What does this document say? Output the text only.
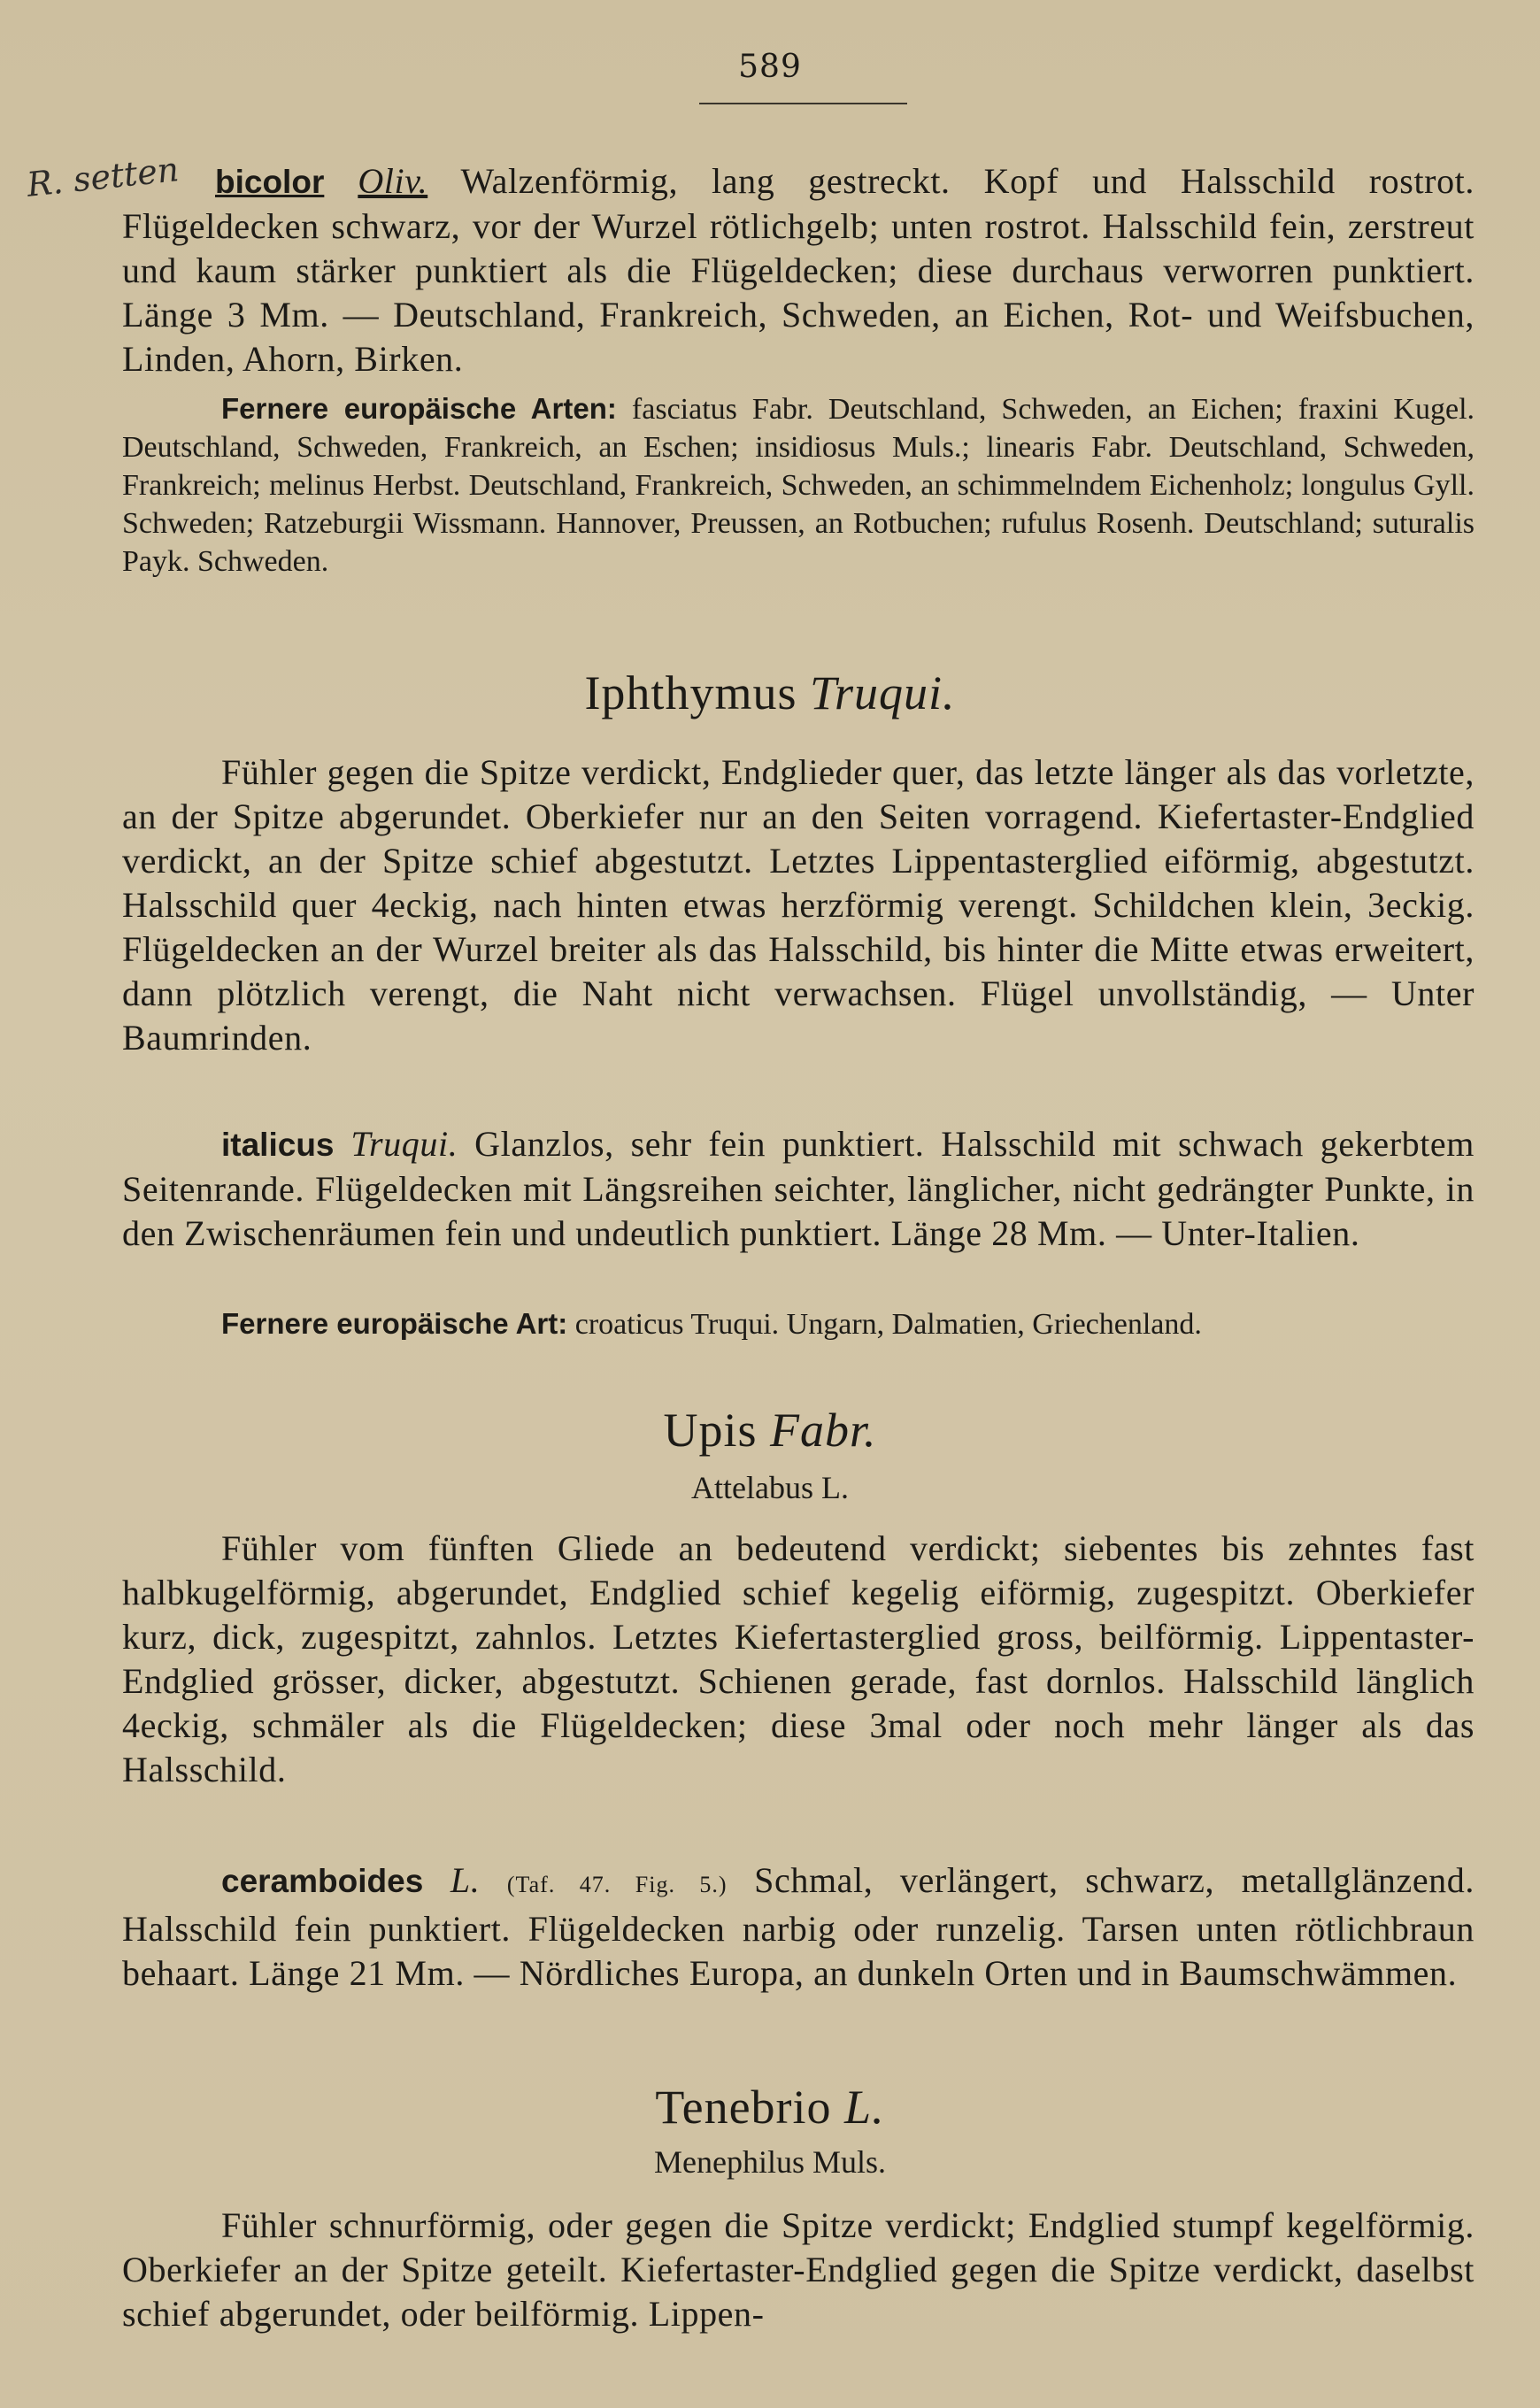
589
R. setten	bicolor Oliv. Walzenförmig, lang gestreckt. Kopf und Halsschild rostrot. Flügeldecken schwarz, vor der Wurzel rötlichgelb; unten rostrot. Halsschild fein, zerstreut und kaum stärker punktiert als die Flügeldecken; diese durchaus verworren punktiert. Länge 3 Mm. — Deutschland, Frankreich, Schweden, an Eichen, Rot- und Weifsbuchen, Linden, Ahorn, Birken.
Fernere europäische Arten: fasciatus Fabr. Deutschland, Schweden, an Eichen; fraxini Kugel. Deutschland, Schweden, Frankreich, an Eschen; insidiosus Muls.; linearis Fabr. Deutschland, Schweden, Frankreich; melinus Herbst. Deutschland, Frankreich, Schweden, an schimmelndem Eichenholz; longulus Gyll. Schweden; Ratzeburgii Wissmann. Hannover, Preussen, an Rotbuchen; rufulus Rosenh. Deutschland; suturalis Payk. Schweden.
Iphthymus Truqui.
Fühler gegen die Spitze verdickt, Endglieder quer, das letzte länger als das vorletzte, an der Spitze abgerundet. Oberkiefer nur an den Seiten vorragend. Kiefertaster-Endglied verdickt, an der Spitze schief abgestutzt. Letztes Lippentasterglied eiförmig, abgestutzt. Halsschild quer 4eckig, nach hinten etwas herzförmig verengt. Schildchen klein, 3eckig. Flügeldecken an der Wurzel breiter als das Halsschild, bis hinter die Mitte etwas erweitert, dann plötzlich verengt, die Naht nicht verwachsen. Flügel unvollständig, — Unter Baumrinden.
italicus Truqui. Glanzlos, sehr fein punktiert. Halsschild mit schwach gekerbtem Seitenrande. Flügeldecken mit Längsreihen seichter, länglicher, nicht gedrängter Punkte, in den Zwischenräumen fein und undeutlich punktiert. Länge 28 Mm. — Unter-Italien.
Fernere europäische Art: croaticus Truqui. Ungarn, Dalmatien, Griechenland.
Upis Fabr.
Attelabus L.
Fühler vom fünften Gliede an bedeutend verdickt; siebentes bis zehntes fast halbkugelförmig, abgerundet, Endglied schief kegelig eiförmig, zugespitzt. Oberkiefer kurz, dick, zugespitzt, zahnlos. Letztes Kiefertasterglied gross, beilförmig. Lippentaster-Endglied grösser, dicker, abgestutzt. Schienen gerade, fast dornlos. Halsschild länglich 4eckig, schmäler als die Flügeldecken; diese 3mal oder noch mehr länger als das Halsschild.
ceramboides L. (Taf. 47. Fig. 5.) Schmal, verlängert, schwarz, metallglänzend. Halsschild fein punktiert. Flügeldecken narbig oder runzelig. Tarsen unten rötlichbraun behaart. Länge 21 Mm. — Nördliches Europa, an dunkeln Orten und in Baumschwämmen.
Tenebrio L.
Menephilus Muls.
Fühler schnurförmig, oder gegen die Spitze verdickt; Endglied stumpf kegelförmig. Oberkiefer an der Spitze geteilt. Kiefertaster-Endglied gegen die Spitze verdickt, daselbst schief abgerundet, oder beilförmig. Lippen-
